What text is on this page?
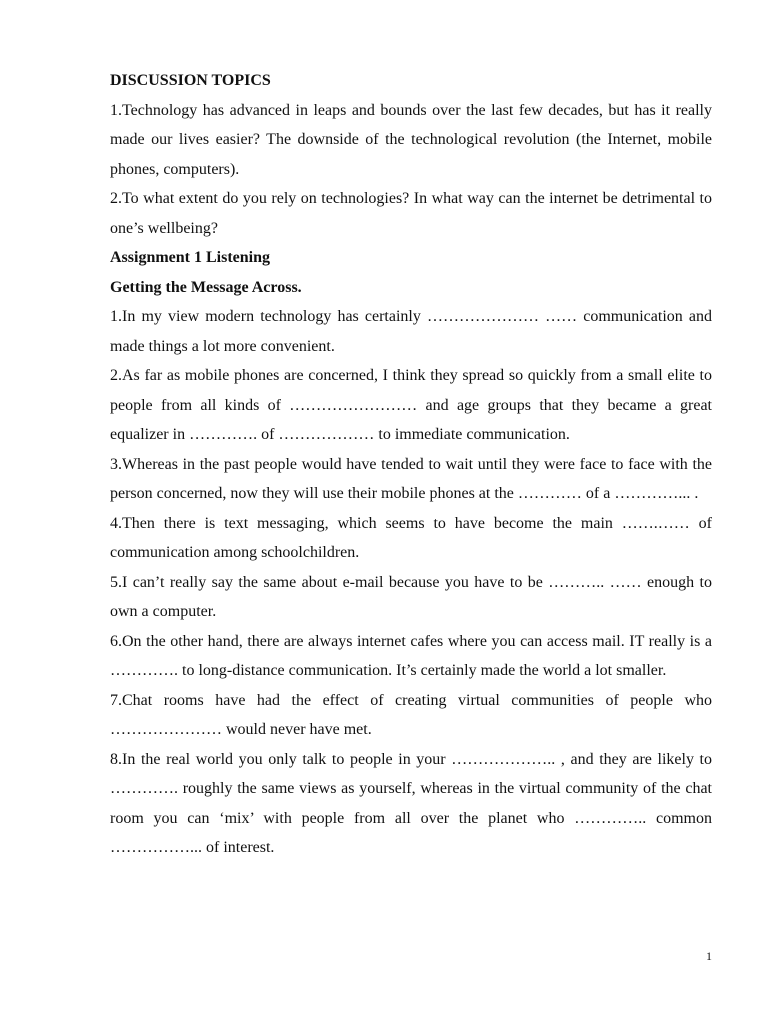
DISCUSSION TOPICS

1.Technology has advanced in leaps and bounds over the last few decades, but has it really made our lives easier? The downside of the technological revolution (the Internet, mobile phones, computers).

2.To what extent do you rely on technologies? In what way can the internet be detrimental to one’s wellbeing?

Assignment 1 Listening

Getting the Message Across.

1.In my view modern technology has certainly ………………… …… communication and made things a lot more convenient.

2.As far as mobile phones are concerned, I think they spread so quickly from a small elite to people from all kinds of …………………… and age groups that they became a great equalizer in …………. of ……………… to immediate communication.

3.Whereas in the past people would have tended to wait until they were face to face with the person concerned, now they will use their mobile phones at the ………… of a …………... .

4.Then there is text messaging, which seems to have become the main …….…… of communication among schoolchildren.

5.I can’t really say the same about e-mail because you have to be ……….. …… enough to own a computer.

6.On the other hand, there are always internet cafes where you can access mail. IT really is a …………. to long-distance communication. It’s certainly made the world a lot smaller.

7.Chat rooms have had the effect of creating virtual communities of people who ………………… would never have met.

8.In the real world you only talk to people in your ……………….. , and they are likely to …………. roughly the same views as yourself, whereas in the virtual community of the chat room you can ‘mix’ with people from all over the planet who ………….. common ……………... of interest.

1
